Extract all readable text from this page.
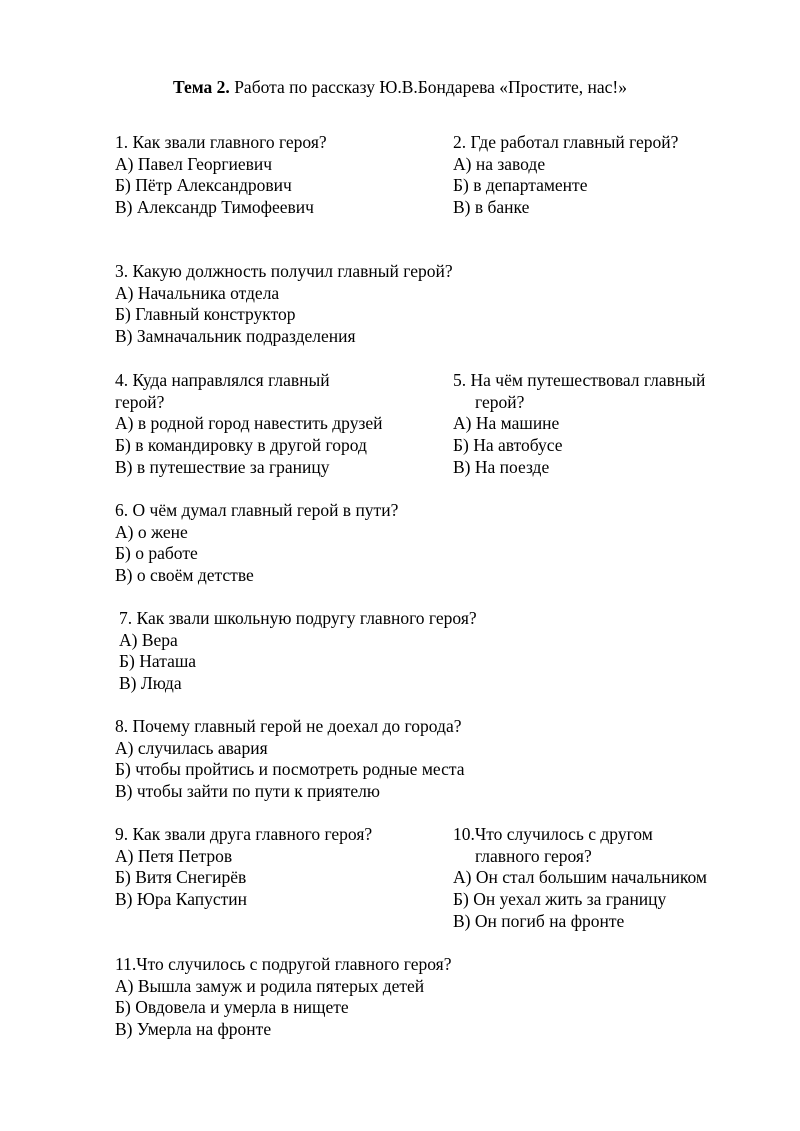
Тема 2. Работа по рассказу Ю.В.Бондарева «Простите, нас!»
1. Как звали главного героя?
А) Павел Георгиевич
Б) Пётр Александрович
В) Александр Тимофеевич
2. Где работал главный герой?
А) на заводе
Б) в департаменте
В) в банке
3. Какую должность получил главный герой?
А) Начальника отдела
Б) Главный конструктор
В) Замначальник подразделения
4. Куда направлялся главный
герой?
А) в родной город навестить друзей
Б) в командировку в другой город
В) в путешествие за границу
5. На чём путешествовал главный
герой?
А) На машине
Б) На автобусе
В) На поезде
6. О чём думал главный герой в пути?
А) о жене
Б) о работе
В) о своём детстве
7. Как звали школьную подругу главного героя?
А) Вера
Б) Наташа
В) Люда
8. Почему главный герой не доехал до города?
А) случилась авария
Б) чтобы пройтись и посмотреть родные места
В) чтобы зайти по пути к приятелю
9. Как звали друга главного героя?
А) Петя Петров
Б) Витя Снегирёв
В) Юра Капустин
10.Что случилось с другом
главного героя?
А) Он стал большим начальником
Б) Он уехал жить за границу
В) Он погиб на фронте
11.Что случилось с подругой главного героя?
А) Вышла замуж и родила пятерых детей
Б) Овдовела и умерла в нищете
В) Умерла на фронте
